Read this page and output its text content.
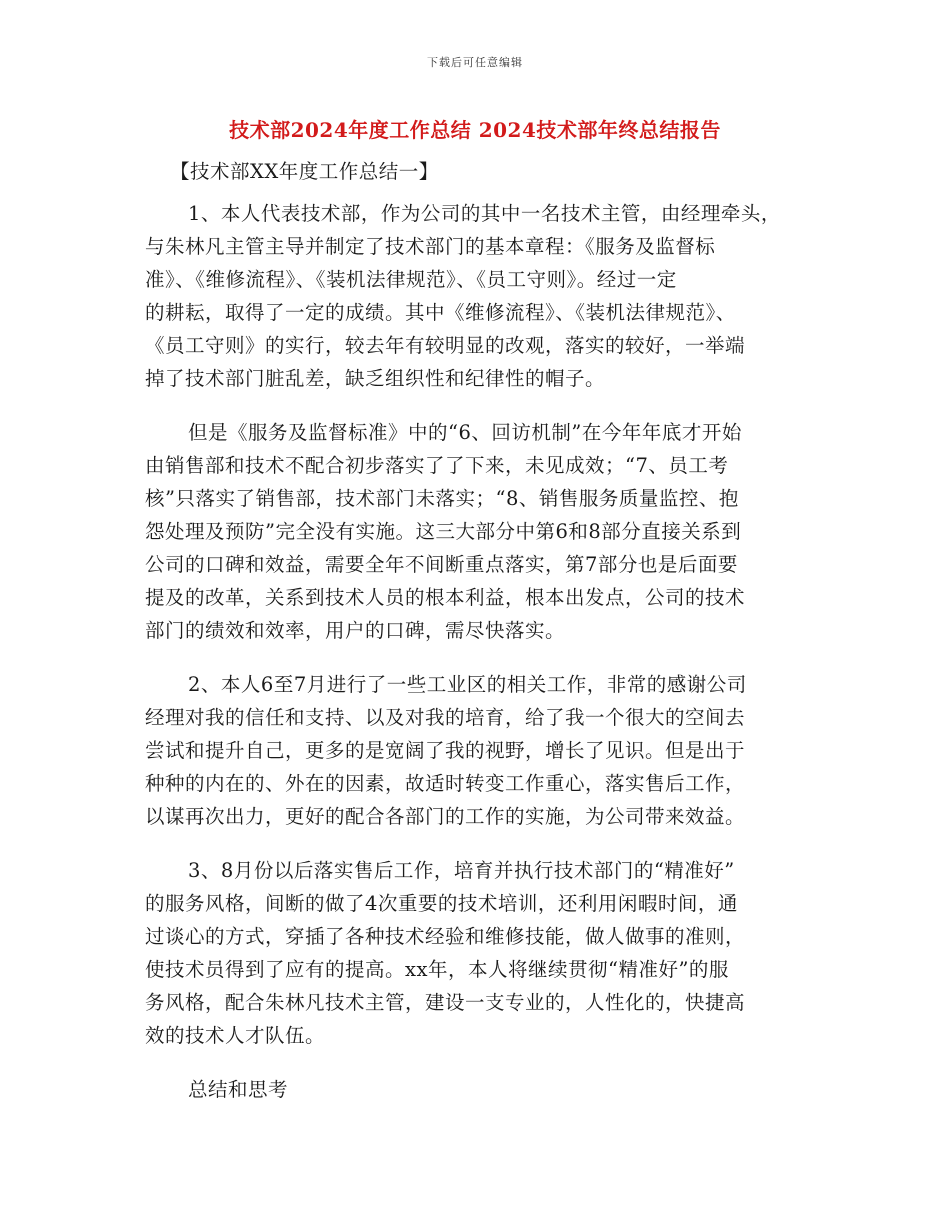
下载后可任意编辑
技术部2024年度工作总结 2024技术部年终总结报告
【技术部XX年度工作总结一】
1、本人代表技术部，作为公司的其中一名技术主管，由经理牵头，
与朱林凡主管主导并制定了技术部门的基本章程：《服务及监督标
准》、《维修流程》、《装机法律规范》、《员工守则》。经过一定
的耕耘，取得了一定的成绩。其中《维修流程》、《装机法律规范》、
《员工守则》的实行，较去年有较明显的改观，落实的较好，一举端
掉了技术部门脏乱差，缺乏组织性和纪律性的帽子。
但是《服务及监督标准》中的“6、回访机制”在今年年底才开始
由销售部和技术不配合初步落实了了下来，未见成效；“7、员工考
核”只落实了销售部，技术部门未落实；“8、销售服务质量监控、抱
怨处理及预防”完全没有实施。这三大部分中第6和8部分直接关系到
公司的口碑和效益，需要全年不间断重点落实，第7部分也是后面要
提及的改革，关系到技术人员的根本利益，根本出发点，公司的技术
部门的绩效和效率，用户的口碑，需尽快落实。
2、本人6至7月进行了一些工业区的相关工作，非常的感谢公司
经理对我的信任和支持、以及对我的培育，给了我一个很大的空间去
尝试和提升自己，更多的是宽阔了我的视野，增长了见识。但是出于
种种的内在的、外在的因素，故适时转变工作重心，落实售后工作，
以谋再次出力，更好的配合各部门的工作的实施，为公司带来效益。
3、8月份以后落实售后工作，培育并执行技术部门的“精准好”
的服务风格，间断的做了4次重要的技术培训，还利用闲暇时间，通
过谈心的方式，穿插了各种技术经验和维修技能，做人做事的准则，
使技术员得到了应有的提高。xx年，本人将继续贯彻“精准好”的服
务风格，配合朱林凡技术主管，建设一支专业的，人性化的，快捷高
效的技术人才队伍。
总结和思考
